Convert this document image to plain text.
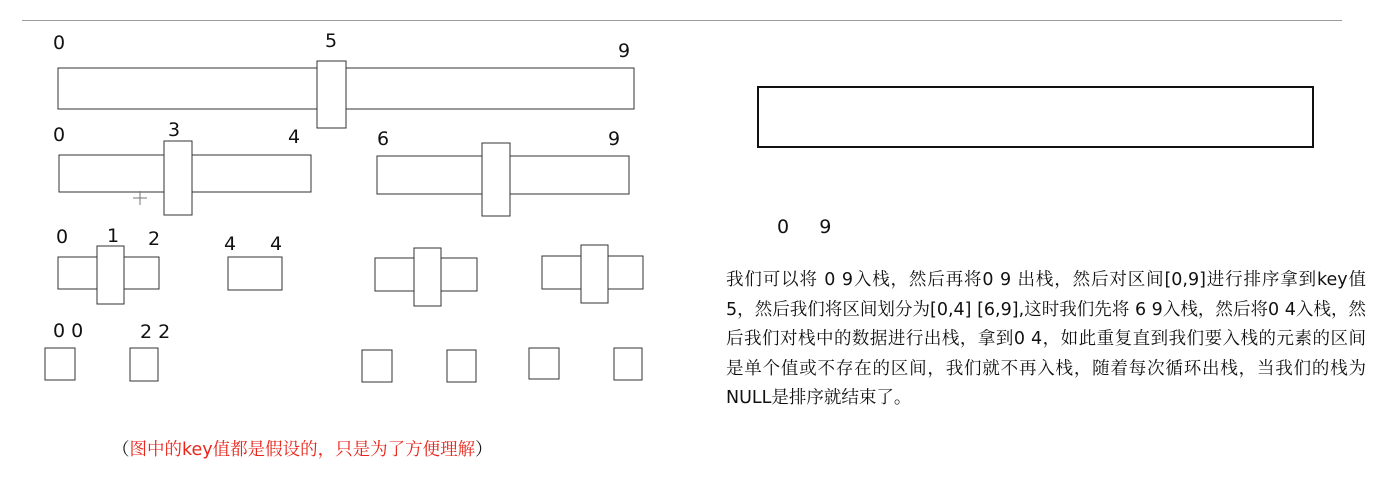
0	5	9
0	3	4	6	9
0 1 2	4 4
0 0	2 2
0     9
我们可以将 0 9入栈，然后再将0 9 出栈，然后对区间[0,9]进行排序拿到key值5，然后我们将区间划分为[0,4] [6,9],这时我们先将 6 9入栈，然后将0 4入栈，然后我们对栈中的数据进行出栈，拿到0 4，如此重复直到我们要入栈的元素的区间是单个值或不存在的区间，我们就不再入栈，随着每次循环出栈，当我们的栈为NULL是排序就结束了。
（图中的key值都是假设的，只是为了方便理解）
